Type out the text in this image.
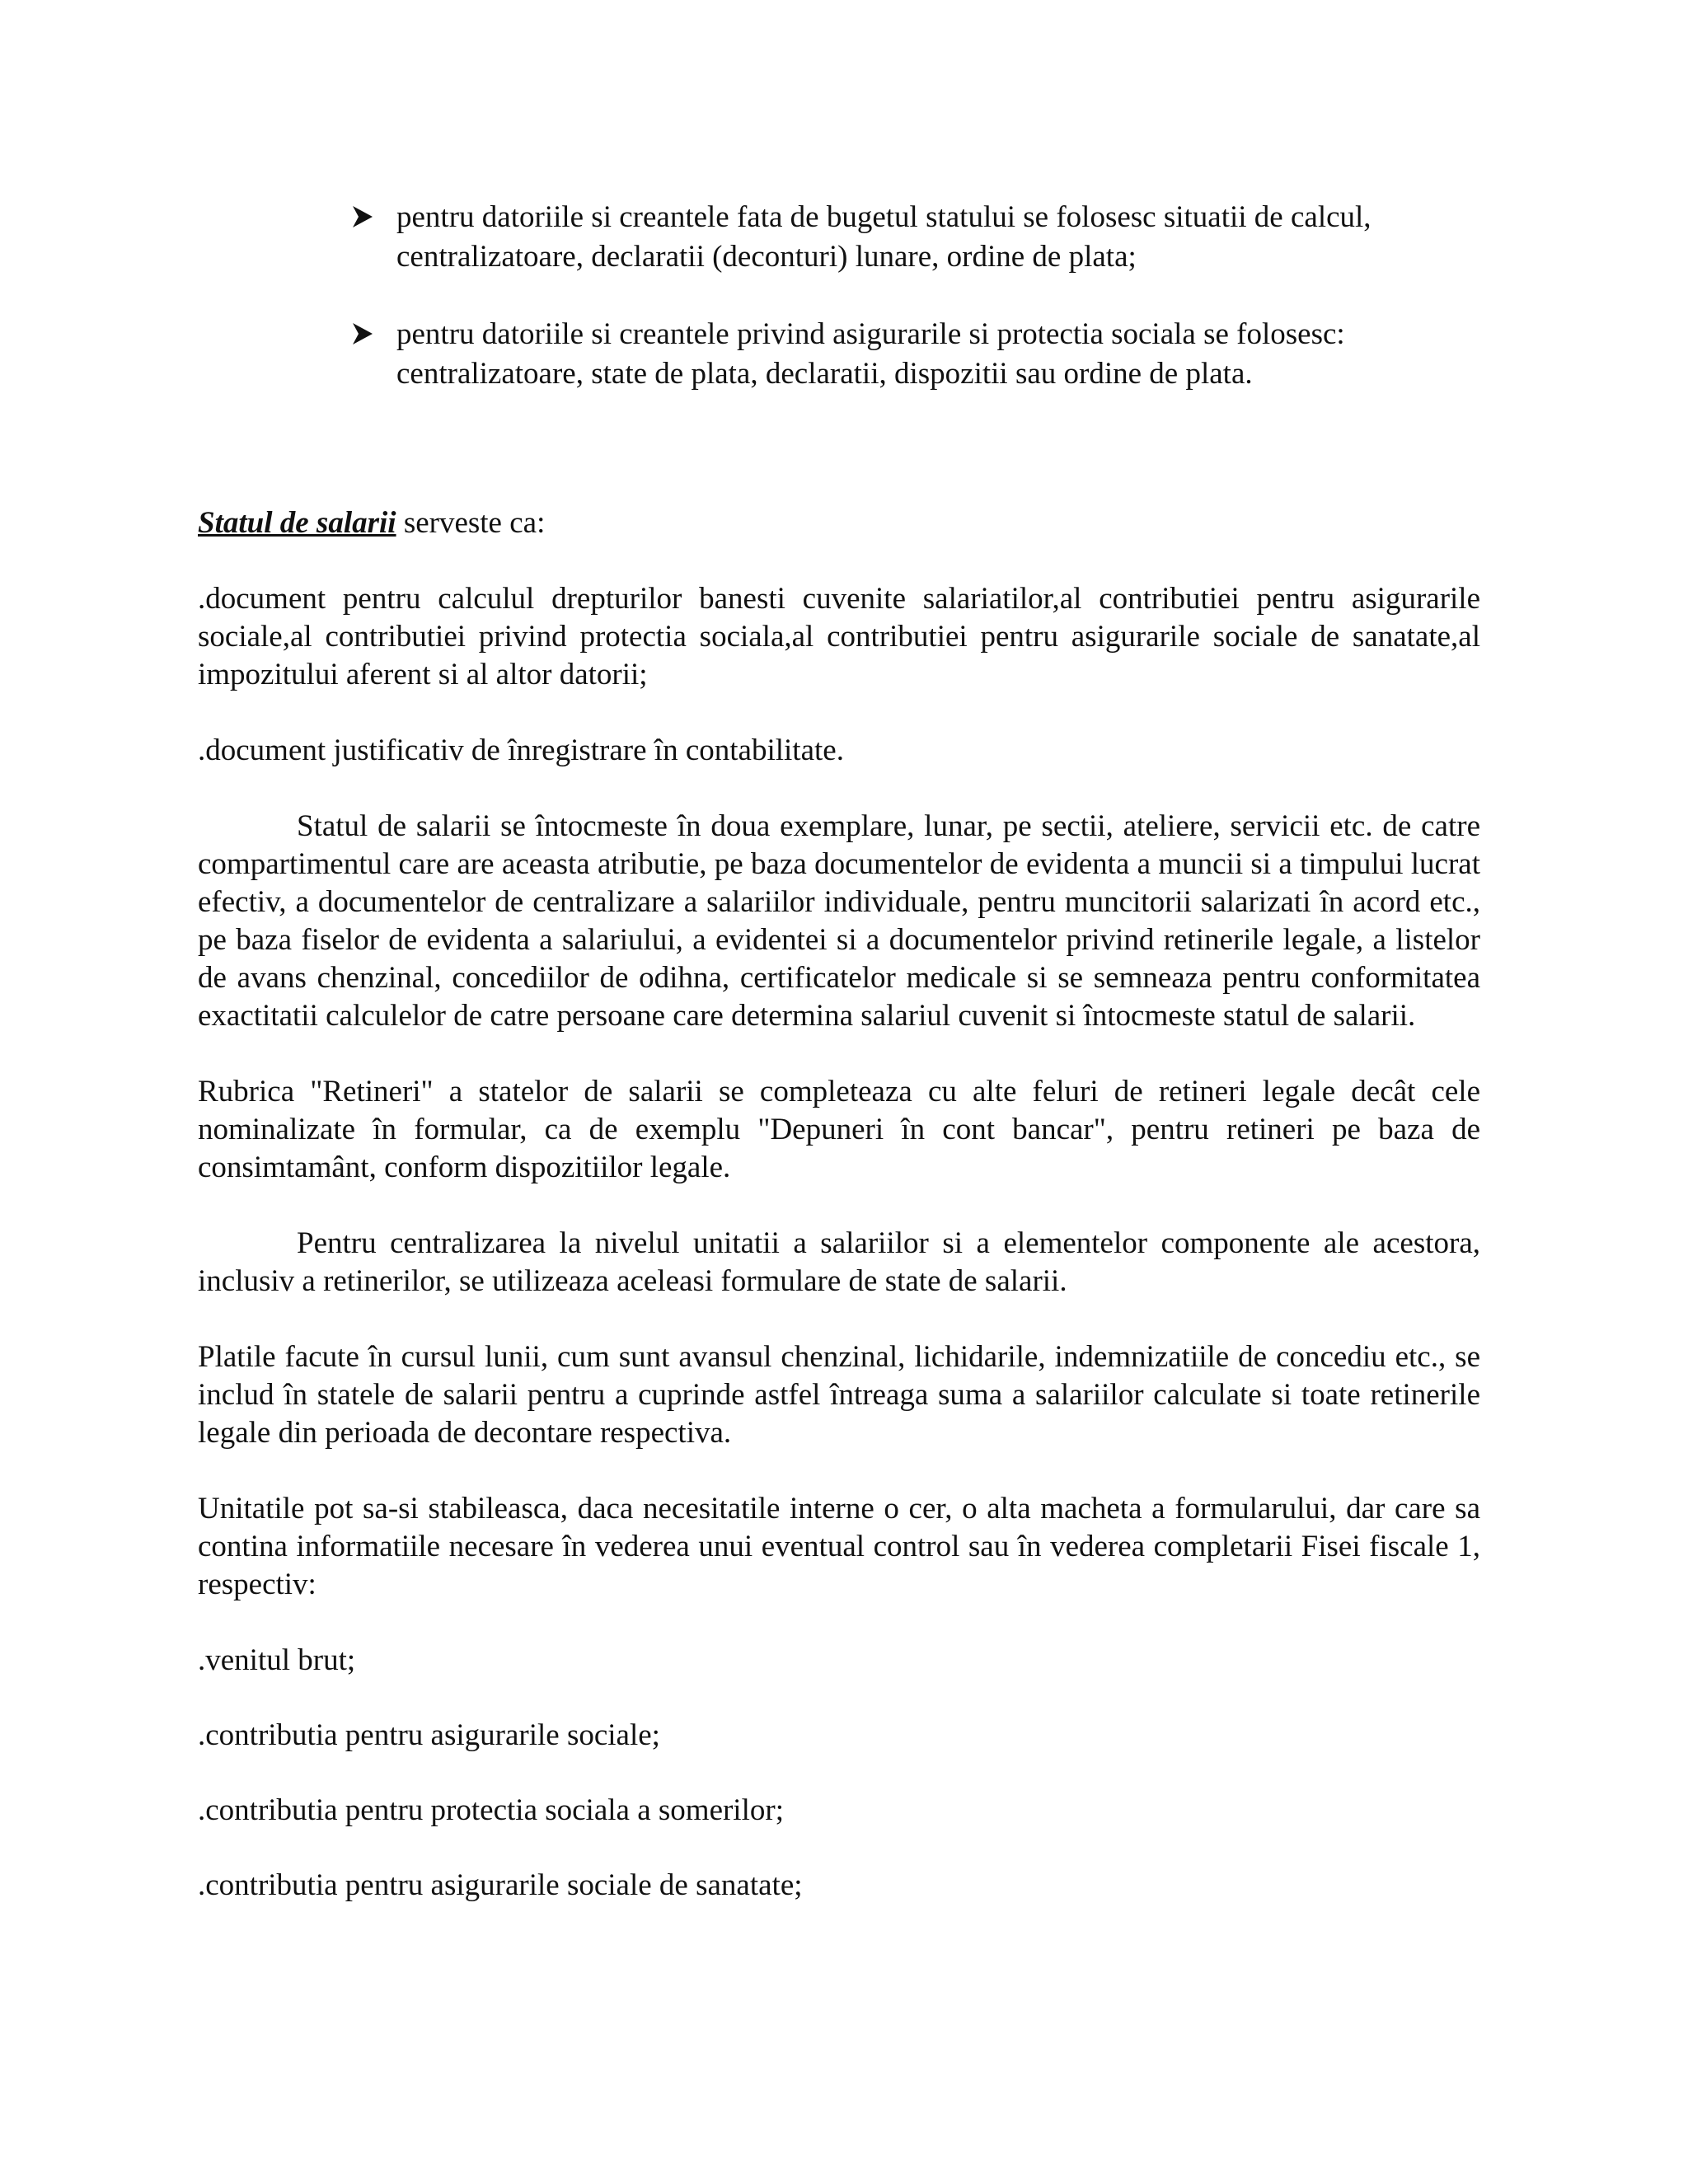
pentru datoriile si creantele fata de bugetul statului se folosesc situatii de calcul,
centralizatoare, declaratii (deconturi) lunare, ordine de plata;
pentru datoriile si creantele privind asigurarile si protectia sociala se folosesc:
centralizatoare, state de plata, declaratii, dispozitii sau ordine de plata.
Statul de salarii serveste ca:

.document pentru calculul drepturilor banesti cuvenite salariatilor,al contributiei pentru asigurarile sociale,al contributiei privind protectia sociala,al contributiei pentru asigurarile sociale de sanatate,al impozitului aferent si al altor datorii;

.document justificativ de înregistrare în contabilitate.

Statul de salarii se întocmeste în doua exemplare, lunar, pe sectii, ateliere, servicii etc. de catre compartimentul care are aceasta atributie, pe baza documentelor de evidenta a muncii si a timpului lucrat efectiv, a documentelor de centralizare a salariilor individuale, pentru muncitorii salarizati în acord etc., pe baza fiselor de evidenta a salariului, a evidentei si a documentelor privind retinerile legale, a listelor de avans chenzinal, concediilor de odihna, certificatelor medicale si se semneaza pentru conformitatea exactitatii calculelor de catre persoane care determina salariul cuvenit si întocmeste statul de salarii.

Rubrica "Retineri" a statelor de salarii se completeaza cu alte feluri de retineri legale decât cele nominalizate în formular, ca de exemplu "Depuneri în cont bancar", pentru retineri pe baza de consimtamânt, conform dispozitiilor legale.

Pentru centralizarea la nivelul unitatii a salariilor si a elementelor componente ale acestora, inclusiv a retinerilor, se utilizeaza aceleasi formulare de state de salarii.

Platile facute în cursul lunii, cum sunt avansul chenzinal, lichidarile, indemnizatiile de concediu etc., se includ în statele de salarii pentru a cuprinde astfel întreaga suma a salariilor calculate si toate retinerile legale din perioada de decontare respectiva.

Unitatile pot sa-si stabileasca, daca necesitatile interne o cer, o alta macheta a formularului, dar care sa contina informatiile necesare în vederea unui eventual control sau în vederea completarii Fisei fiscale 1, respectiv:

.venitul brut;
.contributia pentru asigurarile sociale;
.contributia pentru protectia sociala a somerilor;
.contributia pentru asigurarile sociale de sanatate;
